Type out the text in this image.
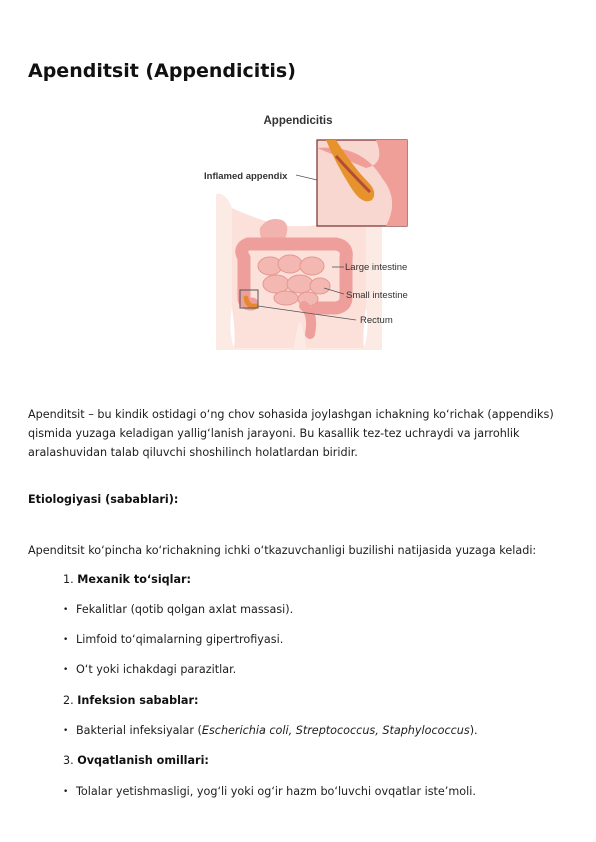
Apenditsit (Appendicitis)
Appendicitis
Inflamed appendix
Large intestine
Small intestine
Rectum

Apenditsit – bu kindik ostidagi o‘ng chov sohasida joylashgan ichakning ko‘richak (appendiks) qismida yuzaga keladigan yallig‘lanish jarayoni. Bu kasallik tez-tez uchraydi va jarrohlik aralashuvidan talab qiluvchi shoshilinch holatlardan biridir.

Etiologiyasi (sabablari):

Apenditsit ko‘pincha ko‘richakning ichki o‘tkazuvchanligi buzilishi natijasida yuzaga keladi:

1. Mexanik to‘siqlar:

• Fekalitlar (qotib qolgan axlat massasi).

• Limfoid to‘qimalarning gipertrofiyasi.

• O‘t yoki ichakdagi parazitlar.

2. Infeksion sabablar:

• Bakterial infeksiyalar (Escherichia coli, Streptococcus, Staphylococcus).

3. Ovqatlanish omillari:

• Tolalar yetishmasligi, yog‘li yoki og‘ir hazm bo‘luvchi ovqatlar iste’moli.
